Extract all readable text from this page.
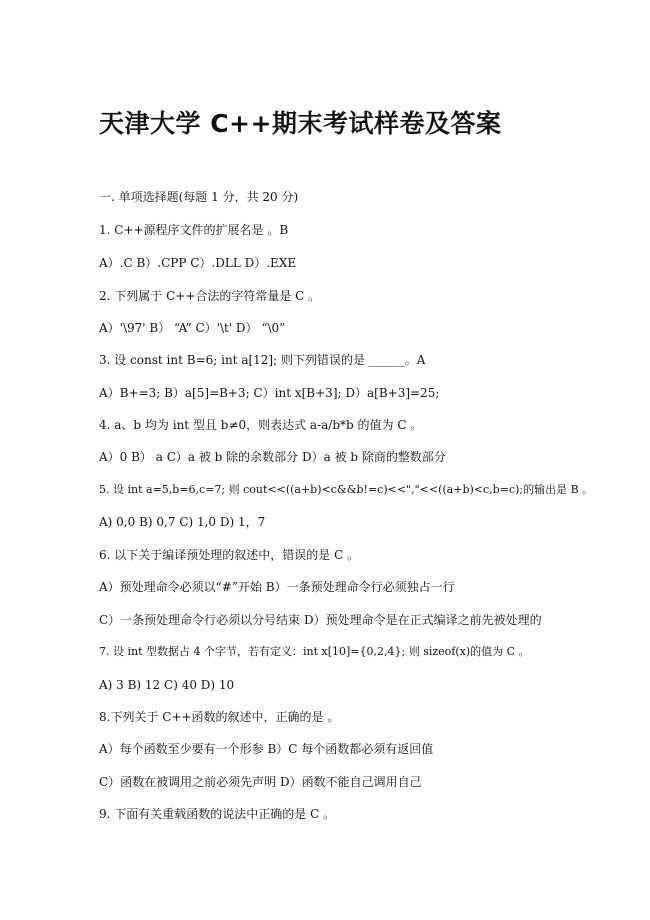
天津大学 C++期末考试样卷及答案
一. 单项选择题(每题 1 分，共 20 分)
1. C++源程序文件的扩展名是 。B
A）.C B）.CPP C）.DLL D）.EXE
2. 下列属于 C++合法的字符常量是 C 。
A）'\97' B） “A” C）'\t' D） “\0”
3. 设 const int B=6; int a[12]; 则下列错误的是 ______。A
A）B+=3; B）a[5]=B+3; C）int x[B+3]; D）a[B+3]=25;
4. a、b 均为 int 型且 b≠0，则表达式 a-a/b*b 的值为 C 。
A）0 B） a C）a 被 b 除的余数部分 D）a 被 b 除商的整数部分
5. 设 int a=5,b=6,c=7; 则 cout<<((a+b)<c&&b!=c)<<","<<((a+b)<c,b=c);的输出是 B 。
A) 0,0 B) 0,7 C) 1,0 D) 1，7
6. 以下关于编译预处理的叙述中，错误的是 C 。
A）预处理命令必须以“#”开始 B）一条预处理命令行必须独占一行
C）一条预处理命令行必须以分号结束 D）预处理命令是在正式编译之前先被处理的
7. 设 int 型数据占 4 个字节，若有定义：int x[10]={0,2,4}; 则 sizeof(x)的值为 C 。
A) 3 B) 12 C) 40 D) 10
8.下列关于 C++函数的叙述中，正确的是 。
A）每个函数至少要有一个形参 B）C 每个函数都必须有返回值
C）函数在被调用之前必须先声明 D）函数不能自己调用自己
9. 下面有关重载函数的说法中正确的是 C 。
